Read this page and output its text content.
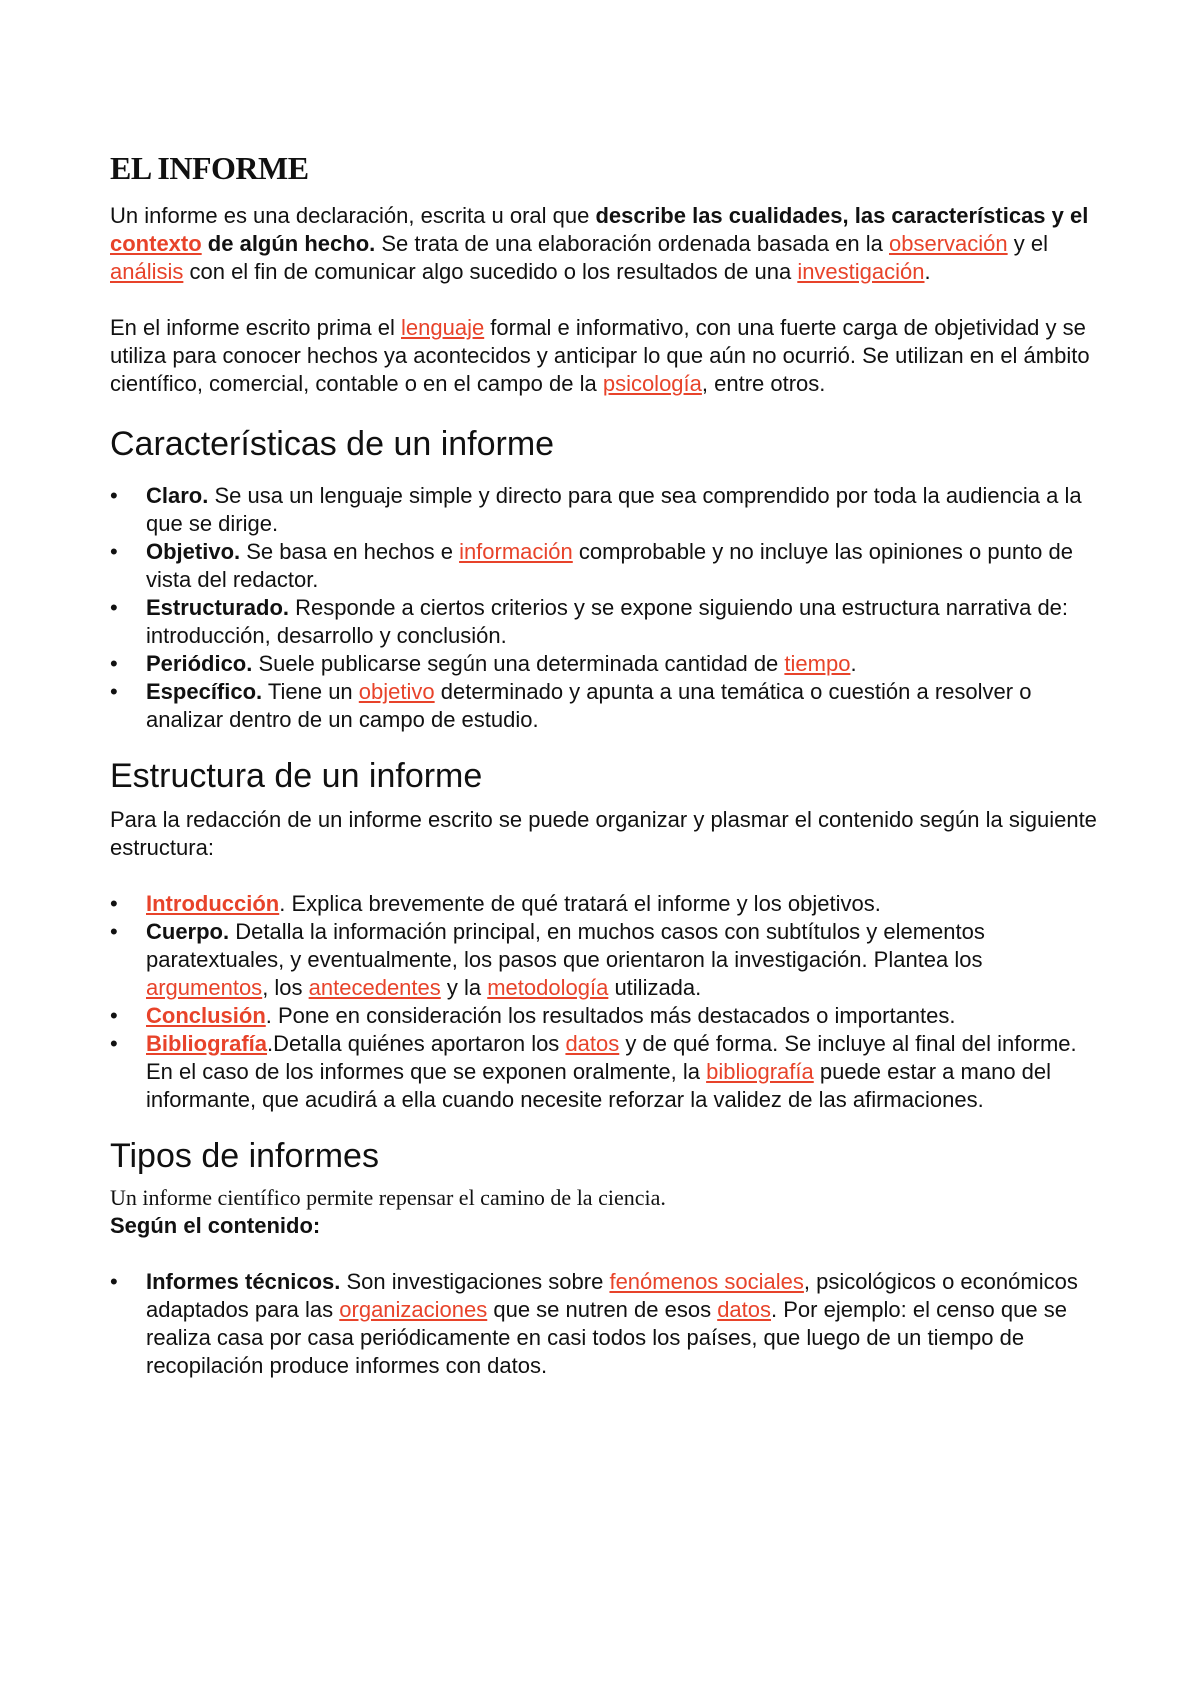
EL INFORME

Un informe es una declaración, escrita u oral que describe las cualidades, las características y el contexto de algún hecho. Se trata de una elaboración ordenada basada en la observación y el análisis con el fin de comunicar algo sucedido o los resultados de una investigación.

En el informe escrito prima el lenguaje formal e informativo, con una fuerte carga de objetividad y se utiliza para conocer hechos ya acontecidos y anticipar lo que aún no ocurrió. Se utilizan en el ámbito científico, comercial, contable o en el campo de la psicología, entre otros.

Características de un informe
• Claro. Se usa un lenguaje simple y directo para que sea comprendido por toda la audiencia a la que se dirige.
• Objetivo. Se basa en hechos e información comprobable y no incluye las opiniones o punto de vista del redactor.
• Estructurado. Responde a ciertos criterios y se expone siguiendo una estructura narrativa de: introducción, desarrollo y conclusión.
• Periódico. Suele publicarse según una determinada cantidad de tiempo.
• Específico. Tiene un objetivo determinado y apunta a una temática o cuestión a resolver o analizar dentro de un campo de estudio.
Estructura de un informe

Para la redacción de un informe escrito se puede organizar y plasmar el contenido según la siguiente estructura:

• Introducción. Explica brevemente de qué tratará el informe y los objetivos.
• Cuerpo. Detalla la información principal, en muchos casos con subtítulos y elementos paratextuales, y eventualmente, los pasos que orientaron la investigación. Plantea los argumentos, los antecedentes y la metodología utilizada.
• Conclusión. Pone en consideración los resultados más destacados o importantes.
• Bibliografía.Detalla quiénes aportaron los datos y de qué forma. Se incluye al final del informe. En el caso de los informes que se exponen oralmente, la bibliografía puede estar a mano del informante, que acudirá a ella cuando necesite reforzar la validez de las afirmaciones.
Tipos de informes

Un informe científico permite repensar el camino de la ciencia.

Según el contenido:

• Informes técnicos. Son investigaciones sobre fenómenos sociales, psicológicos o económicos adaptados para las organizaciones que se nutren de esos datos. Por ejemplo: el censo que se realiza casa por casa periódicamente en casi todos los países, que luego de un tiempo de recopilación produce informes con datos.
